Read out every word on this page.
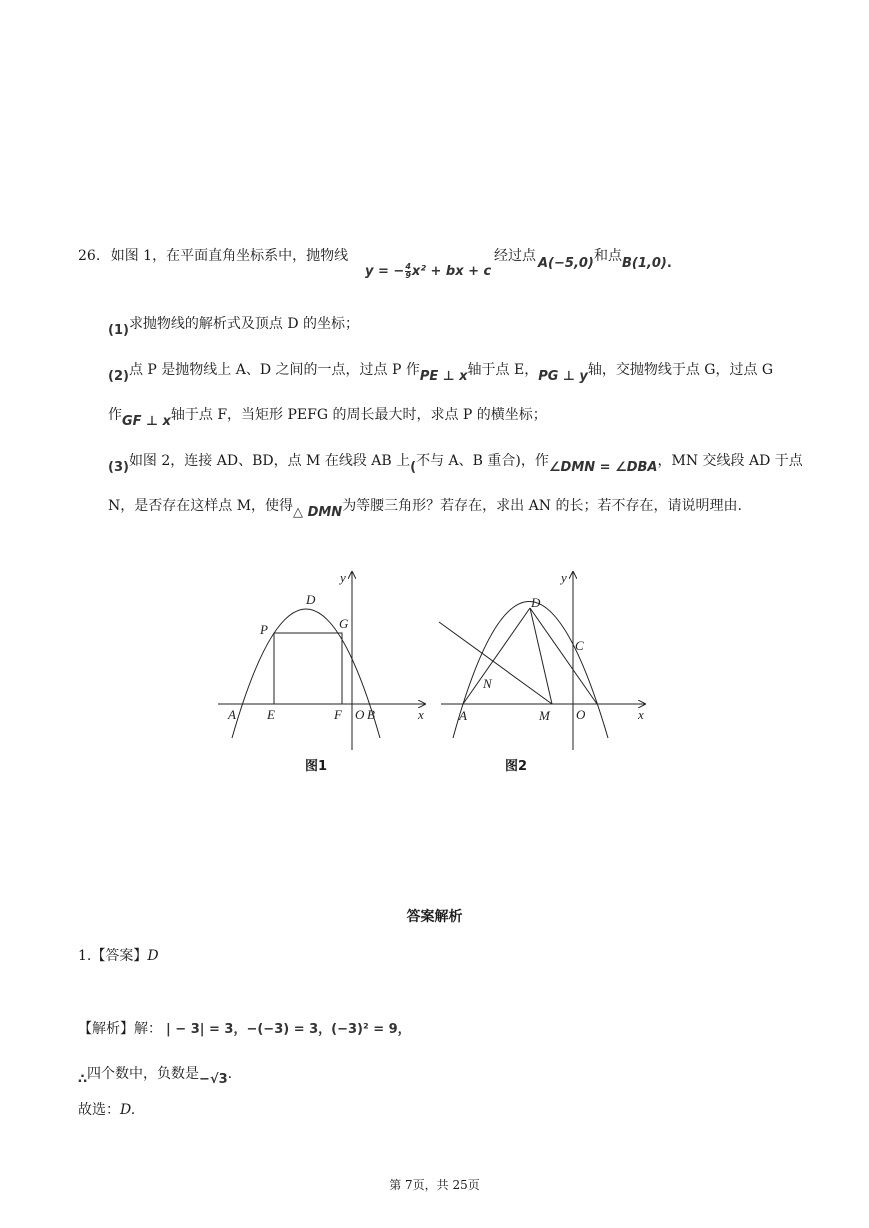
26. 如图 1，在平面直角坐标系中，抛物线
y = − $\frac{4}{9} x^2$ + bx + c
经过点 A(−5,0) 和点 B(1,0).
(1)求抛物线的解析式及顶点 D 的坐标；
(2)点 P 是抛物线上 A、D 之间的一点，过点 P 作PE ⊥ x轴于点 E，PG ⊥ y轴，交抛物线于点 G，过点 G
作GF ⊥ x轴于点 F，当矩形 PEFG 的周长最大时，求点 P 的横坐标；
(3)如图 2，连接 AD、BD，点 M 在线段 AB 上(不与 A、B 重合)，作∠DMN = ∠DBA，MN 交线段 AD 于点
N，是否存在这样点 M，使得△ DMN为等腰三角形？若存在，求出 AN 的长；若不存在，请说明理由.
y
x
D
P	G
A E	F O B
图1
y
x
D
C
N
A	M O
图2
答案解析
1.【答案】D
【解析】解： | − 3| = 3，−(−3) = 3，(−3)² = 9，
∴四个数中，负数是−√3.
故选：D.
第 7页，共 25页
